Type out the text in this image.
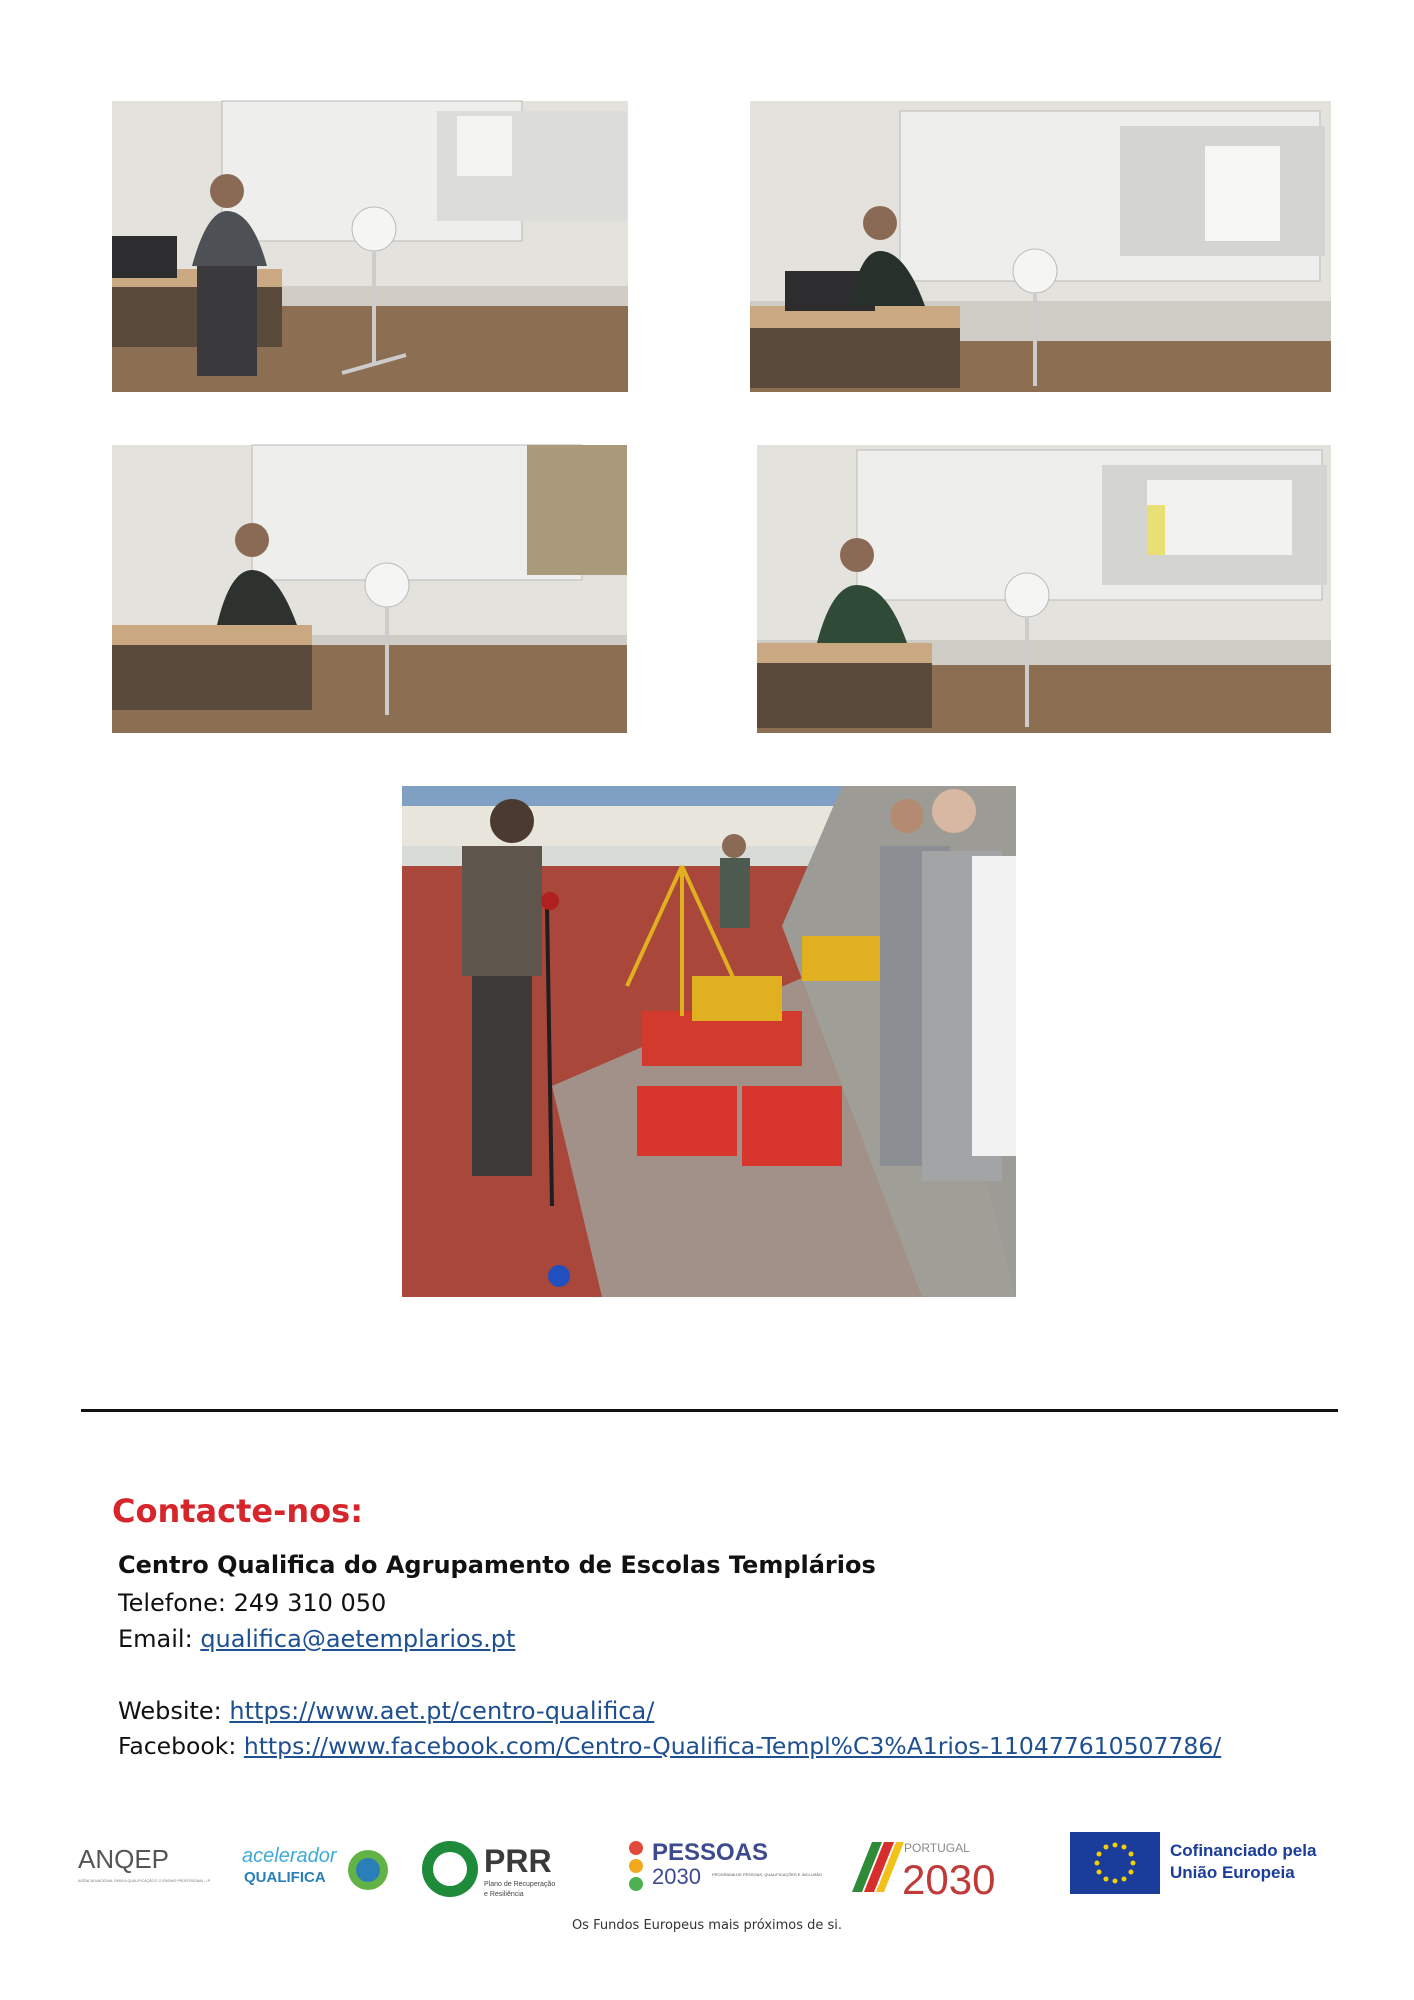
Contacte-nos:
Centro Qualifica do Agrupamento de Escolas Templários
Telefone: 249 310 050
Email: qualifica@aetemplarios.pt
Website: https://www.aet.pt/centro-qualifica/
Facebook: https://www.facebook.com/Centro-Qualifica-Templ%C3%A1rios-110477610507786/
ANQEP
AGÊNCIA NACIONAL PARA A QUALIFICAÇÃO E O ENSINO PROFISSIONAL, I.P.
acelerador
QUALIFICA	PRR
Plano de Recuperação
e Resiliência
PESSOAS
2030	PROGRAMA DE PESSOAS, QUALIFICAÇÕES E INCLUSÃO
PORTUGAL
2030
Cofinanciado pela
União Europeia
Os Fundos Europeus mais próximos de si.
